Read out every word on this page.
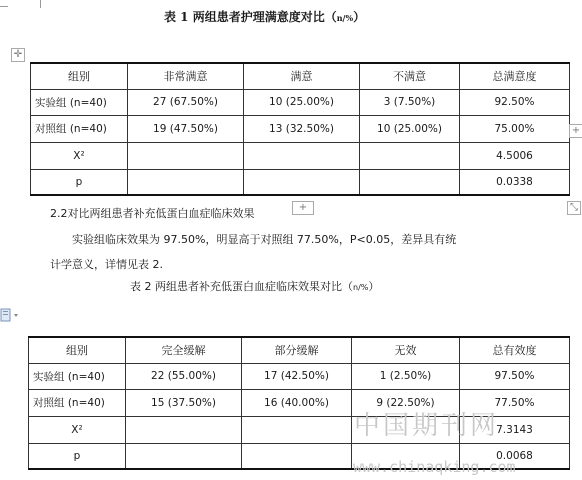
表 1 两组患者护理满意度对比（n/%）
✛
组别	非常满意	满意	不满意	总满意度
实验组 (n=40)	27 (67.50%)	10 (25.00%)	3 (7.50%)	92.50%
对照组 (n=40)	19 (47.50%)	13 (32.50%)	10 (25.00%)	75.00%
X²				4.5006
p				0.0338
+
+	⤡
2.2对比两组患者补充低蛋白血症临床效果
实验组临床效果为 97.50%，明显高于对照组 77.50%，P<0.05，差异具有统
计学意义，详情见表 2.
表 2 两组患者补充低蛋白血症临床效果对比（n/%）
组别	完全缓解	部分缓解	无效	总有效度
实验组 (n=40)	22 (55.00%)	17 (42.50%)	1 (2.50%)	97.50%
对照组 (n=40)	15 (37.50%)	16 (40.00%)	9 (22.50%)	77.50%
X²				7.3143
p				0.0068
中国期刊网
www.chinaqking.com
